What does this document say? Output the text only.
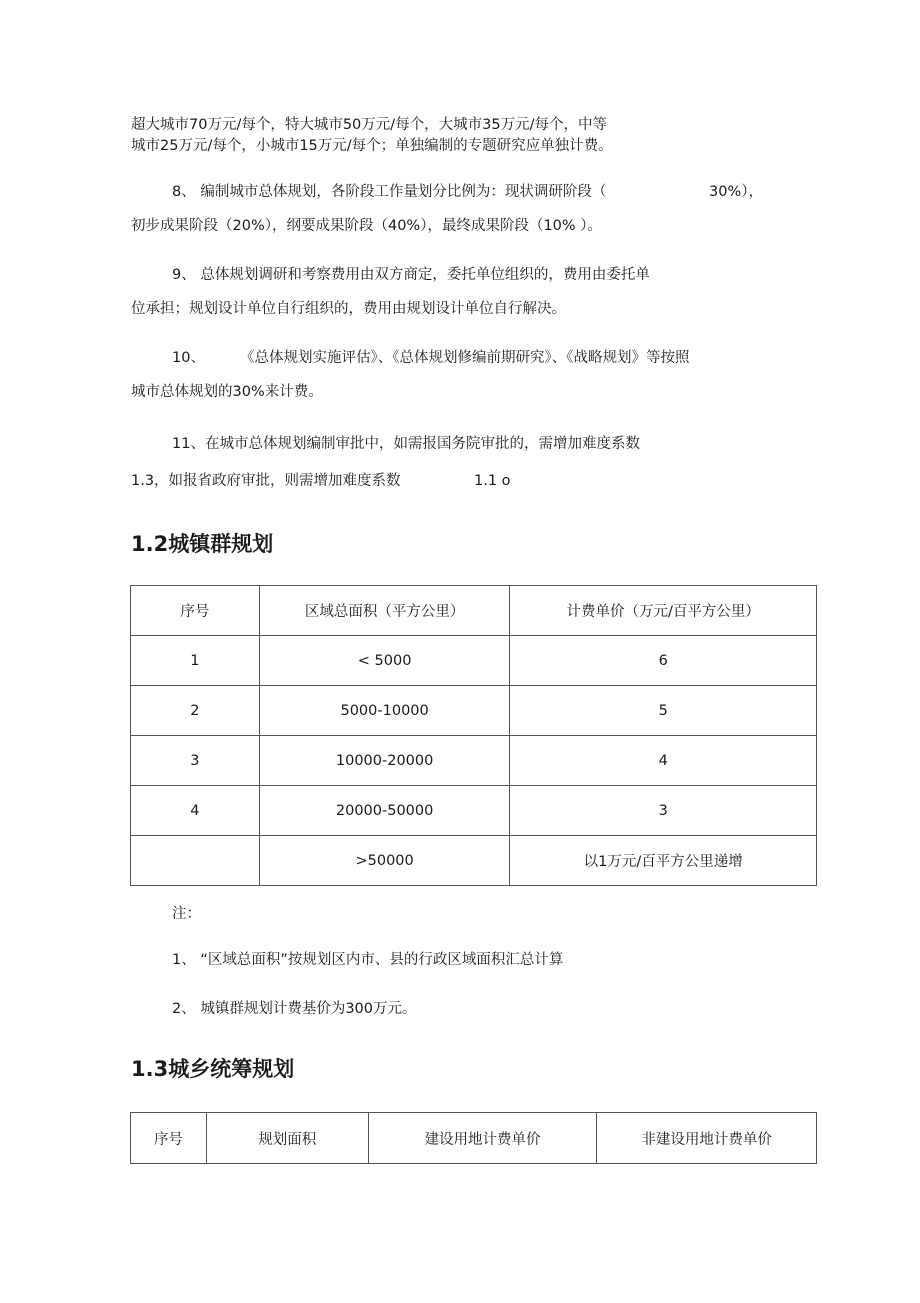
超大城市70万元/每个，特大城市50万元/每个，大城市35万元/每个，中等
城市25万元/每个，小城市15万元/每个；单独编制的专题研究应单独计费。
8、 编制城市总体规划，各阶段工作量划分比例为：现状调研阶段（	30%），
初步成果阶段（20%），纲要成果阶段（40%），最终成果阶段（10% ）。
9、 总体规划调研和考察费用由双方商定，委托单位组织的，费用由委托单
位承担；规划设计单位自行组织的，费用由规划设计单位自行解决。
10、 《总体规划实施评估》、《总体规划修编前期研究》、《战略规划》等按照
城市总体规划的30%来计费。
11、在城市总体规划编制审批中，如需报国务院审批的，需增加难度系数
1.3，如报省政府审批，则需增加难度系数	1.1 o
1.2城镇群规划
序号	区域总面积（平方公里）	计费单价（万元/百平方公里）
1	< 5000	6
2	5000-10000	5
3	10000-20000	4
4	20000-50000	3
	>50000	以1万元/百平方公里递增
注：
1、 “区域总面积”按规划区内市、县的行政区域面积汇总计算
2、 城镇群规划计费基价为300万元。
1.3城乡统筹规划
序号	规划面积	建设用地计费单价	非建设用地计费单价
